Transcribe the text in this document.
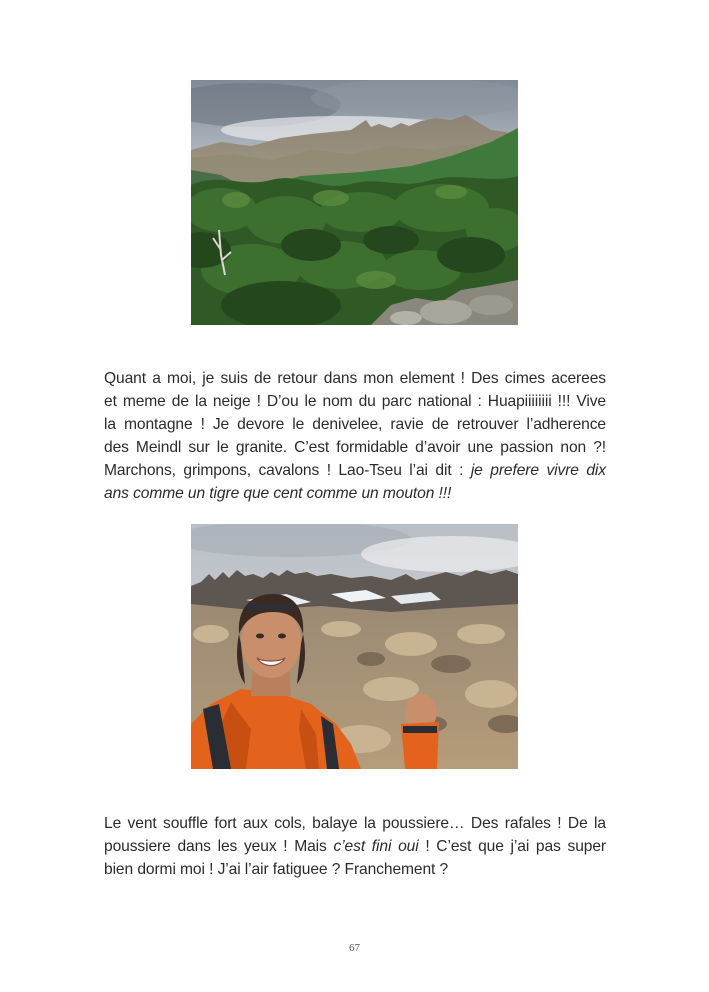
Quant a moi, je suis de retour dans mon element ! Des cimes acerees
et meme de la neige ! D’ou le nom du parc national : Huapiiiiiiii !!! Vive
la montagne ! Je devore le denivelee, ravie de retrouver l’adherence
des Meindl sur le granite. C’est formidable d’avoir une passion non ?!
Marchons, grimpons, cavalons ! Lao-Tseu l’ai dit : je prefere vivre dix
ans comme un tigre que cent comme un mouton !!!

Le vent souffle fort aux cols, balaye la poussiere… Des rafales ! De la
poussiere dans les yeux ! Mais c’est fini oui ! C’est que j’ai pas super
bien dormi moi ! J’ai l’air fatiguee ? Franchement ?

67
